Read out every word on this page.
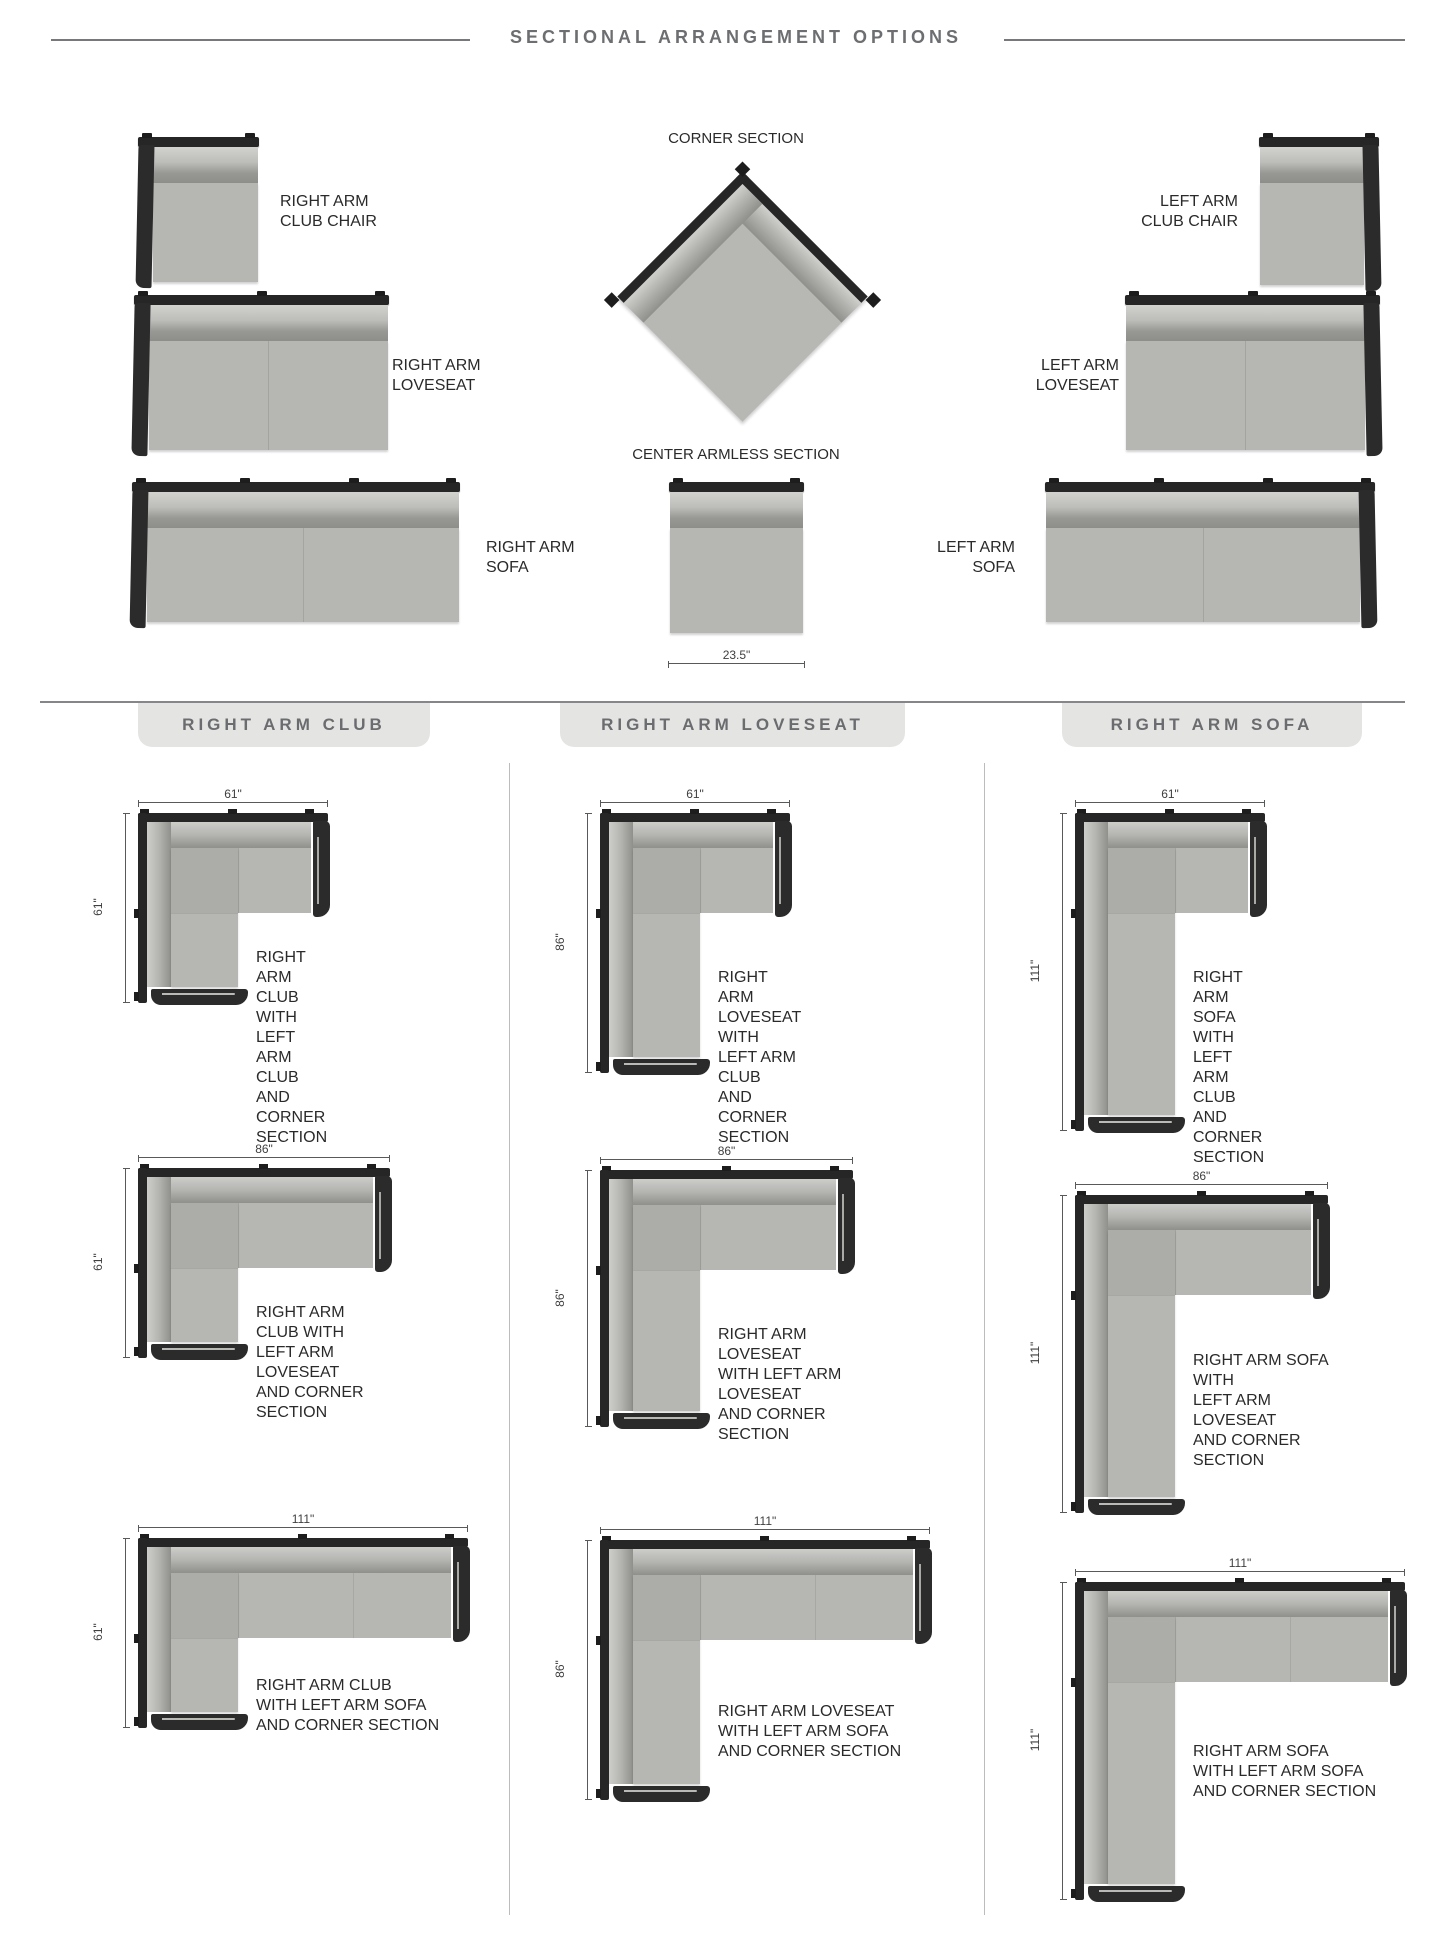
SECTIONAL ARRANGEMENT OPTIONS
RIGHT ARM
CLUB CHAIR
RIGHT ARM
LOVESEAT
RIGHT ARM
SOFA
CORNER SECTION
CENTER ARMLESS SECTION
23.5"
LEFT ARM
CLUB CHAIR
LEFT ARM
LOVESEAT
LEFT ARM
SOFA
RIGHT ARM CLUB	RIGHT ARM LOVESEAT	RIGHT ARM SOFA
61"
61"
RIGHT ARM CLUB WITH
LEFT ARM CLUB AND
CORNER SECTION
86"
61"
RIGHT ARM CLUB WITH
LEFT ARM LOVESEAT
AND CORNER SECTION
111"
61"
RIGHT ARM CLUB
WITH LEFT ARM SOFA
AND CORNER SECTION
61"
86"
RIGHT ARM LOVESEAT
WITH LEFT ARM CLUB
AND CORNER SECTION
86"
86"
RIGHT ARM LOVESEAT
WITH LEFT ARM LOVESEAT
AND CORNER SECTION
111"
86"
RIGHT ARM LOVESEAT
WITH LEFT ARM SOFA
AND CORNER SECTION
61"
111"	RIGHT ARM SOFA
WITH LEFT ARM CLUB
AND CORNER SECTION
86"
111"	RIGHT ARM SOFA WITH
LEFT ARM LOVESEAT
AND CORNER SECTION
111"
111"
RIGHT ARM SOFA
WITH LEFT ARM SOFA
AND CORNER SECTION
